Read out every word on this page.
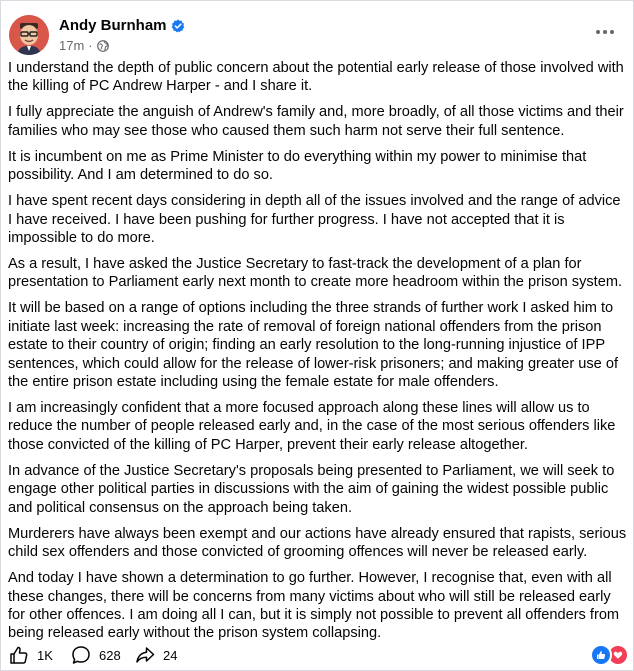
Andy Burnham
17m ·

I understand the depth of public concern about the potential early release of those involved with the killing of PC Andrew Harper - and I share it.

I fully appreciate the anguish of Andrew's family and, more broadly, of all those victims and their families who may see those who caused them such harm not serve their full sentence.

It is incumbent on me as Prime Minister to do everything within my power to minimise that possibility. And I am determined to do so.

I have spent recent days considering in depth all of the issues involved and the range of advice I have received. I have been pushing for further progress. I have not accepted that it is impossible to do more.

As a result, I have asked the Justice Secretary to fast-track the development of a plan for presentation to Parliament early next month to create more headroom within the prison system.

It will be based on a range of options including the three strands of further work I asked him to initiate last week: increasing the rate of removal of foreign national offenders from the prison estate to their country of origin; finding an early resolution to the long-running injustice of IPP sentences, which could allow for the release of lower-risk prisoners; and making greater use of the entire prison estate including using the female estate for male offenders.

I am increasingly confident that a more focused approach along these lines will allow us to reduce the number of people released early and, in the case of the most serious offenders like those convicted of the killing of PC Harper, prevent their early release altogether.

In advance of the Justice Secretary's proposals being presented to Parliament, we will seek to engage other political parties in discussions with the aim of gaining the widest possible public and political consensus on the approach being taken.

Murderers have always been exempt and our actions have already ensured that rapists, serious child sex offenders and those convicted of grooming offences will never be released early.

And today I have shown a determination to go further. However, I recognise that, even with all these changes, there will be concerns from many victims about who will still be released early for other offences. I am doing all I can, but it is simply not possible to prevent all offenders from being released early without the prison system collapsing.

1K	628	24
